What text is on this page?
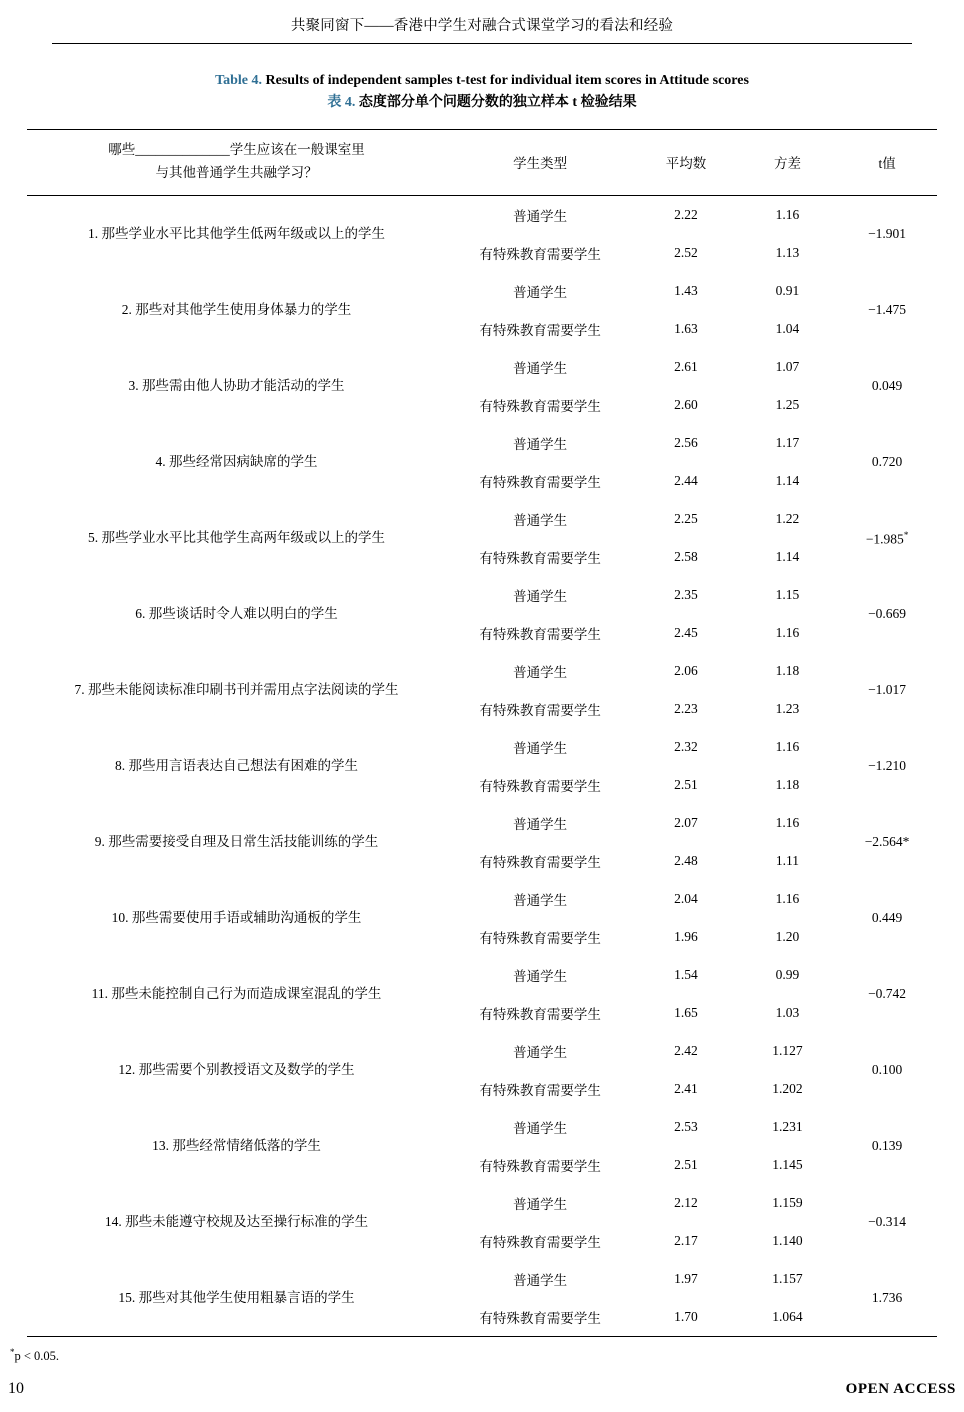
共聚同窗下——香港中学生对融合式课堂学习的看法和经验
Table 4. Results of independent samples t-test for individual item scores in Attitude scores
表 4. 态度部分单个问题分数的独立样本 t 检验结果

哪些______________学生应该在一般课室里
与其他普通学生共融学习？	学生类型	平均数	方差	t值

1. 那些学业水平比其他学生低两年级或以上的学生	普通学生	2.22	1.16	−1.901
	有特殊教育需要学生	2.52	1.13	
2. 那些对其他学生使用身体暴力的学生	普通学生	1.43	0.91	−1.475
	有特殊教育需要学生	1.63	1.04	
3. 那些需由他人协助才能活动的学生	普通学生	2.61	1.07	0.049
	有特殊教育需要学生	2.60	1.25	
4. 那些经常因病缺席的学生	普通学生	2.56	1.17	0.720
	有特殊教育需要学生	2.44	1.14	
5. 那些学业水平比其他学生高两年级或以上的学生	普通学生	2.25	1.22	−1.985*
	有特殊教育需要学生	2.58	1.14	
6. 那些谈话时令人难以明白的学生	普通学生	2.35	1.15	−0.669
	有特殊教育需要学生	2.45	1.16	
7. 那些未能阅读标准印刷书刊并需用点字法阅读的学生	普通学生	2.06	1.18	−1.017
	有特殊教育需要学生	2.23	1.23	
8. 那些用言语表达自己想法有困难的学生	普通学生	2.32	1.16	−1.210
	有特殊教育需要学生	2.51	1.18	
9. 那些需要接受自理及日常生活技能训练的学生	普通学生	2.07	1.16	−2.564*
	有特殊教育需要学生	2.48	1.11	
10. 那些需要使用手语或辅助沟通板的学生	普通学生	2.04	1.16	0.449
	有特殊教育需要学生	1.96	1.20	
11. 那些未能控制自己行为而造成课室混乱的学生	普通学生	1.54	0.99	−0.742
	有特殊教育需要学生	1.65	1.03	
12. 那些需要个别教授语文及数学的学生	普通学生	2.42	1.127	0.100
	有特殊教育需要学生	2.41	1.202	
13. 那些经常情绪低落的学生	普通学生	2.53	1.231	0.139
	有特殊教育需要学生	2.51	1.145	
14. 那些未能遵守校规及达至操行标准的学生	普通学生	2.12	1.159	−0.314
	有特殊教育需要学生	2.17	1.140	
15. 那些对其他学生使用粗暴言语的学生	普通学生	1.97	1.157	1.736
	有特殊教育需要学生	1.70	1.064	

*p < 0.05.
10	OPEN ACCESS
